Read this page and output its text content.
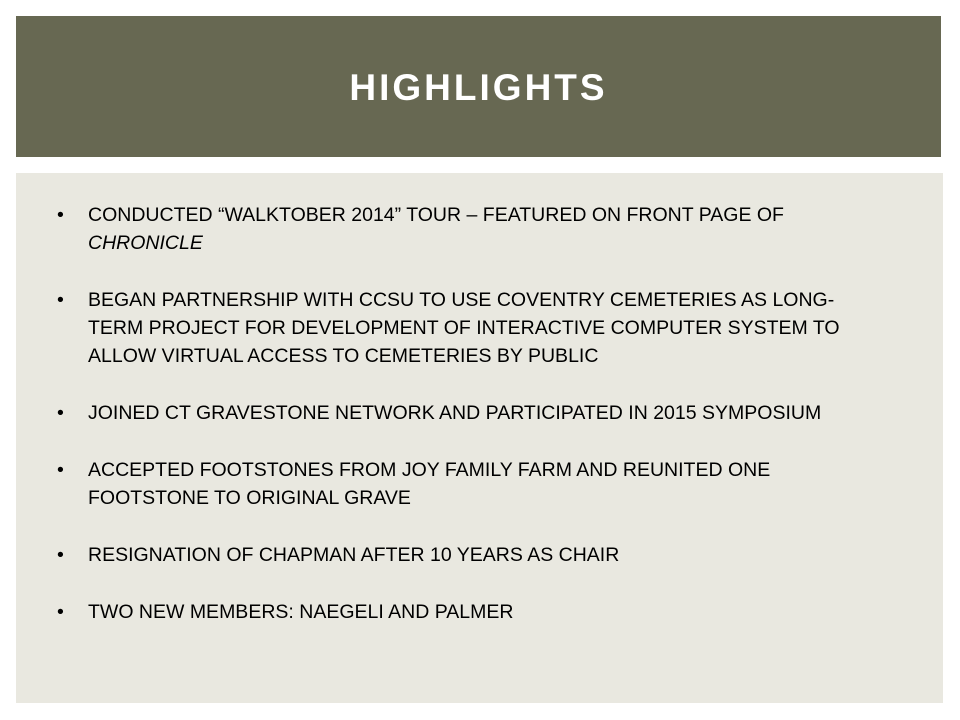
HIGHLIGHTS
• CONDUCTED “WALKTOBER 2014” TOUR – FEATURED ON FRONT PAGE OF CHRONICLE
• BEGAN PARTNERSHIP WITH CCSU TO USE COVENTRY CEMETERIES AS LONG-TERM PROJECT FOR DEVELOPMENT OF INTERACTIVE COMPUTER SYSTEM TO ALLOW VIRTUAL ACCESS TO CEMETERIES BY PUBLIC
• JOINED CT GRAVESTONE NETWORK AND PARTICIPATED IN 2015 SYMPOSIUM
• ACCEPTED FOOTSTONES FROM JOY FAMILY FARM AND REUNITED ONE FOOTSTONE TO ORIGINAL GRAVE
• RESIGNATION OF CHAPMAN AFTER 10 YEARS AS CHAIR
• TWO NEW MEMBERS: NAEGELI AND PALMER
